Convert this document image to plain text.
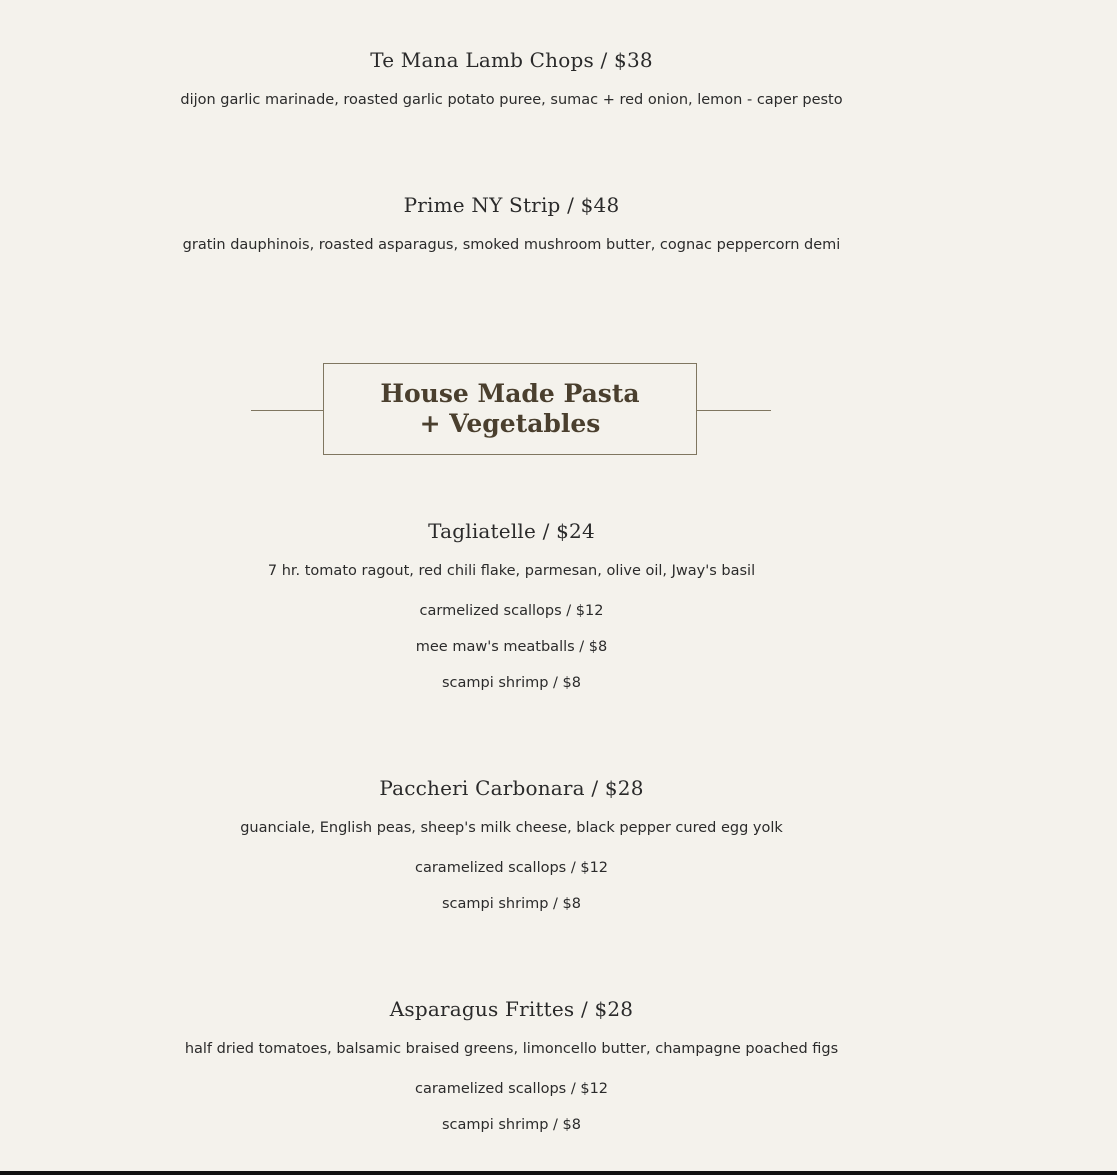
Te Mana Lamb Chops / $38
dijon garlic marinade, roasted garlic potato puree, sumac + red onion, lemon - caper pesto
Prime NY Strip / $48
gratin dauphinois, roasted asparagus, smoked mushroom butter, cognac peppercorn demi
House Made Pasta + Vegetables
Tagliatelle / $24
7 hr. tomato ragout, red chili flake, parmesan, olive oil, Jway's basil
carmelized scallops / $12
mee maw's meatballs / $8
scampi shrimp / $8
Paccheri Carbonara / $28
guanciale, English peas, sheep's milk cheese, black pepper cured egg yolk
caramelized scallops / $12
scampi shrimp / $8
Asparagus Frittes / $28
half dried tomatoes, balsamic braised greens, limoncello butter, champagne poached figs
caramelized scallops / $12
scampi shrimp / $8
